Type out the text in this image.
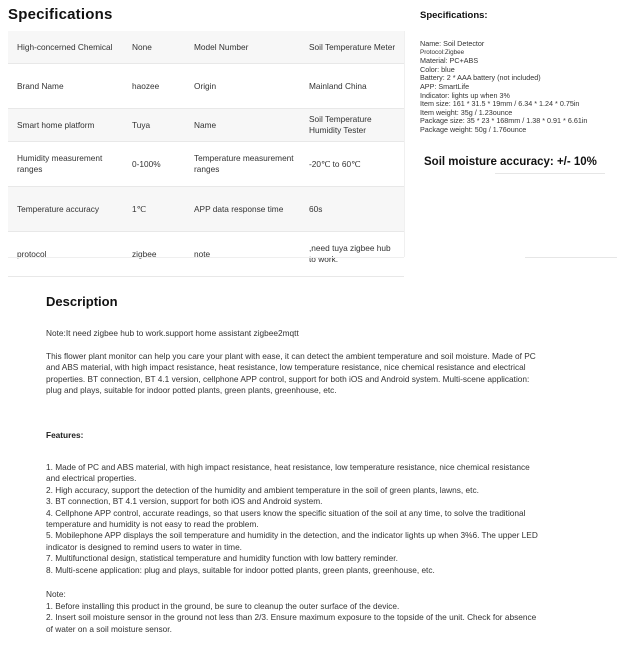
Specifications
High-concerned Chemical	None	Model Number	Soil Temperature Meter
Brand Name	haozee	Origin	Mainland China
Smart home platform	Tuya	Name	Soil Temperature Humidity Tester
Humidity measurement ranges	0-100%	Temperature measurement ranges	-20℃ to 60℃
Temperature accuracy	1℃	APP data response time	60s
protocol	zigbee	note	,need tuya zigbee hub to work.
Specifications:
Name: Soil Detector
Protocol:Zigbee
Material: PC+ABS
Color: blue
Battery: 2 * AAA battery (not included)
APP: SmartLife
Indicator: lights up when 3%
Item size: 161 * 31.5 * 19mm / 6.34 * 1.24 * 0.75in
Item weight: 35g / 1.23ounce
Package size: 35 * 23 * 168mm / 1.38 * 0.91 * 6.61in
Package weight: 50g / 1.76ounce
Soil moisture accuracy: +/- 10%
Description
Note:It need zigbee hub to work.support home assistant zigbee2mqtt
This flower plant monitor can help you care your plant with ease, it can detect the ambient temperature and soil moisture. Made of PC and ABS material, with high impact resistance, heat resistance, low temperature resistance, nice chemical resistance and electrical properties. BT connection, BT 4.1 version, cellphone APP control, support for both iOS and Android system. Multi-scene application: plug and plays, suitable for indoor potted plants, green plants, greenhouse, etc.
Features:
1. Made of PC and ABS material, with high impact resistance, heat resistance, low temperature resistance, nice chemical resistance and electrical properties.
2. High accuracy, support the detection of the humidity and ambient temperature in the soil of green plants, lawns, etc.
3. BT connection, BT 4.1 version, support for both iOS and Android system.
4. Cellphone APP control, accurate readings, so that users know the specific situation of the soil at any time, to solve the traditional temperature and humidity is not easy to read the problem.
5. Mobilephone APP displays the soil temperature and humidity in the detection, and the indicator lights up when 3%6. The upper LED indicator is designed to remind users to water in time.
7. Multifunctional design, statistical temperature and humidity function with low battery reminder.
8. Multi-scene application: plug and plays, suitable for indoor potted plants, green plants, greenhouse, etc.
Note:
1. Before installing this product in the ground, be sure to cleanup the outer surface of the device.
2. Insert soil moisture sensor in the ground not less than 2/3. Ensure maximum exposure to the topside of the unit. Check for absence of water on a soil moisture sensor.
